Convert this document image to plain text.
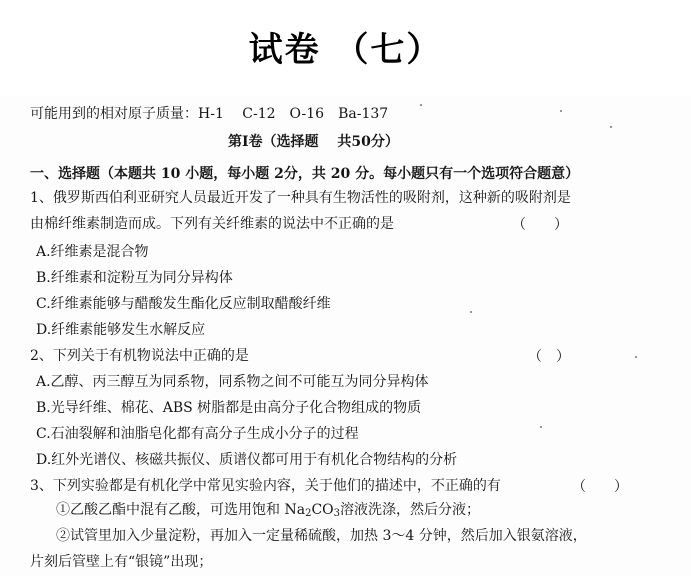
试卷 （七）
可能用到的相对原子质量：H-1　 C-12　O-16　Ba-137
第Ⅰ卷（选择题　 共50分）
一、选择题（本题共 10 小题，每小题 2分，共 20 分。每小题只有一个选项符合题意）
1、俄罗斯西伯利亚研究人员最近开发了一种具有生物活性的吸附剂，这种新的吸附剂是
由棉纤维素制造而成。下列有关纤维素的说法中不正确的是	（　　）
A.纤维素是混合物
B.纤维素和淀粉互为同分异构体
C.纤维素能够与醋酸发生酯化反应制取醋酸纤维
D.纤维素能够发生水解反应
2、下列关于有机物说法中正确的是	（　）
A.乙醇、丙三醇互为同系物，同系物之间不可能互为同分异构体
B.光导纤维、棉花、ABS 树脂都是由高分子化合物组成的物质
C.石油裂解和油脂皂化都有高分子生成小分子的过程
D.红外光谱仪、核磁共振仪、质谱仪都可用于有机化合物结构的分析
3、下列实验都是有机化学中常见实验内容，关于他们的描述中，不正确的有	（　　）
①乙酸乙酯中混有乙酸，可选用饱和 $Na_2CO_3$溶液洗涤，然后分液；
②试管里加入少量淀粉，再加入一定量稀硫酸，加热 3～4 分钟，然后加入银氨溶液，
片刻后管壁上有“银镜”出现；
